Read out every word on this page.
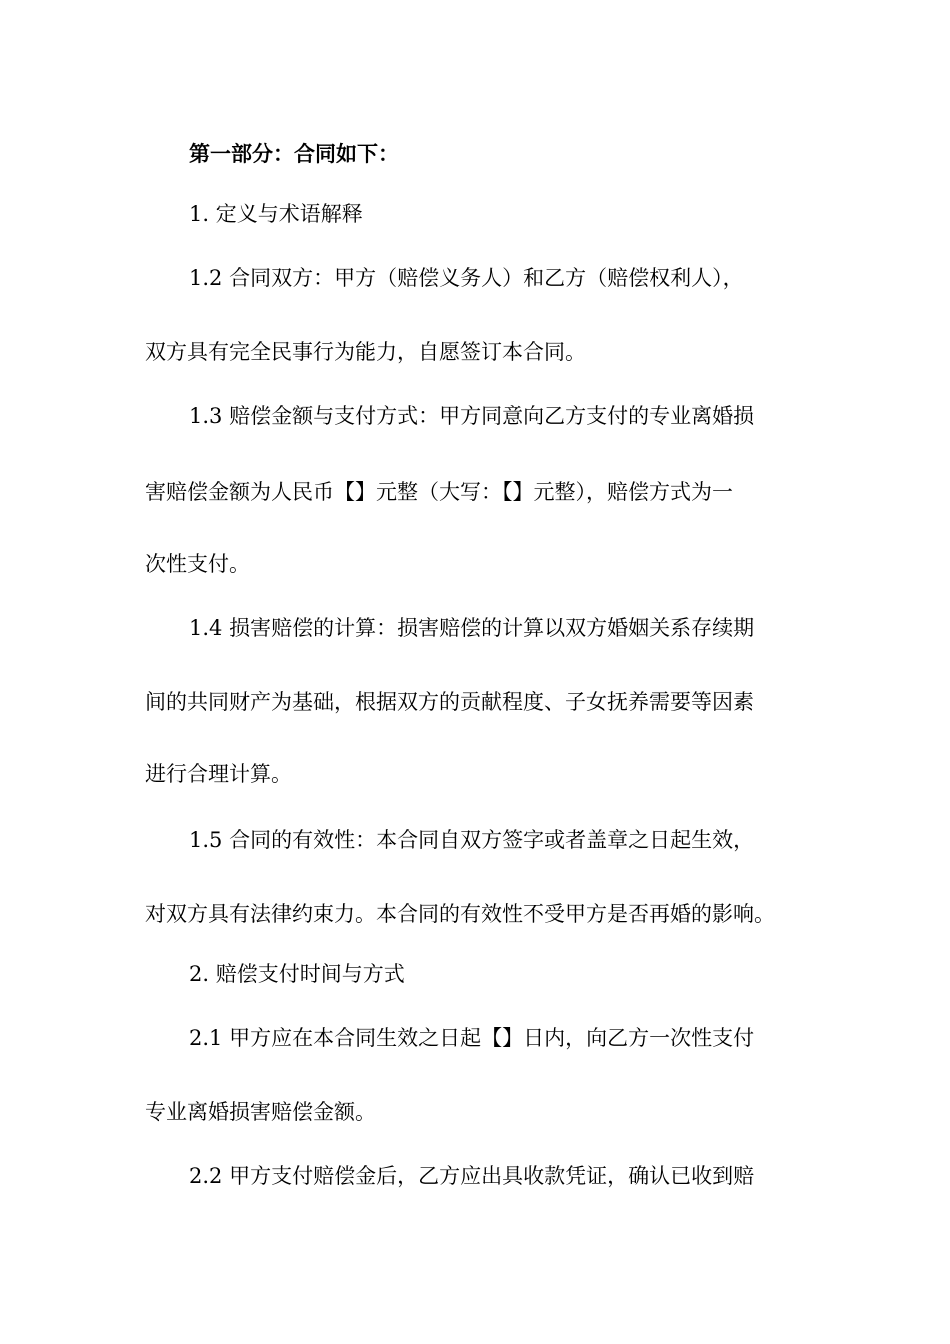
第一部分：合同如下：
1. 定义与术语解释
1.2 合同双方：甲方（赔偿义务人）和乙方（赔偿权利人），
双方具有完全民事行为能力，自愿签订本合同。
1.3 赔偿金额与支付方式：甲方同意向乙方支付的专业离婚损
害赔偿金额为人民币【】元整（大写：【】元整），赔偿方式为一
次性支付。
1.4 损害赔偿的计算：损害赔偿的计算以双方婚姻关系存续期
间的共同财产为基础，根据双方的贡献程度、子女抚养需要等因素
进行合理计算。
1.5 合同的有效性：本合同自双方签字或者盖章之日起生效，
对双方具有法律约束力。本合同的有效性不受甲方是否再婚的影响。
2. 赔偿支付时间与方式
2.1 甲方应在本合同生效之日起【】日内，向乙方一次性支付
专业离婚损害赔偿金额。
2.2 甲方支付赔偿金后，乙方应出具收款凭证，确认已收到赔
